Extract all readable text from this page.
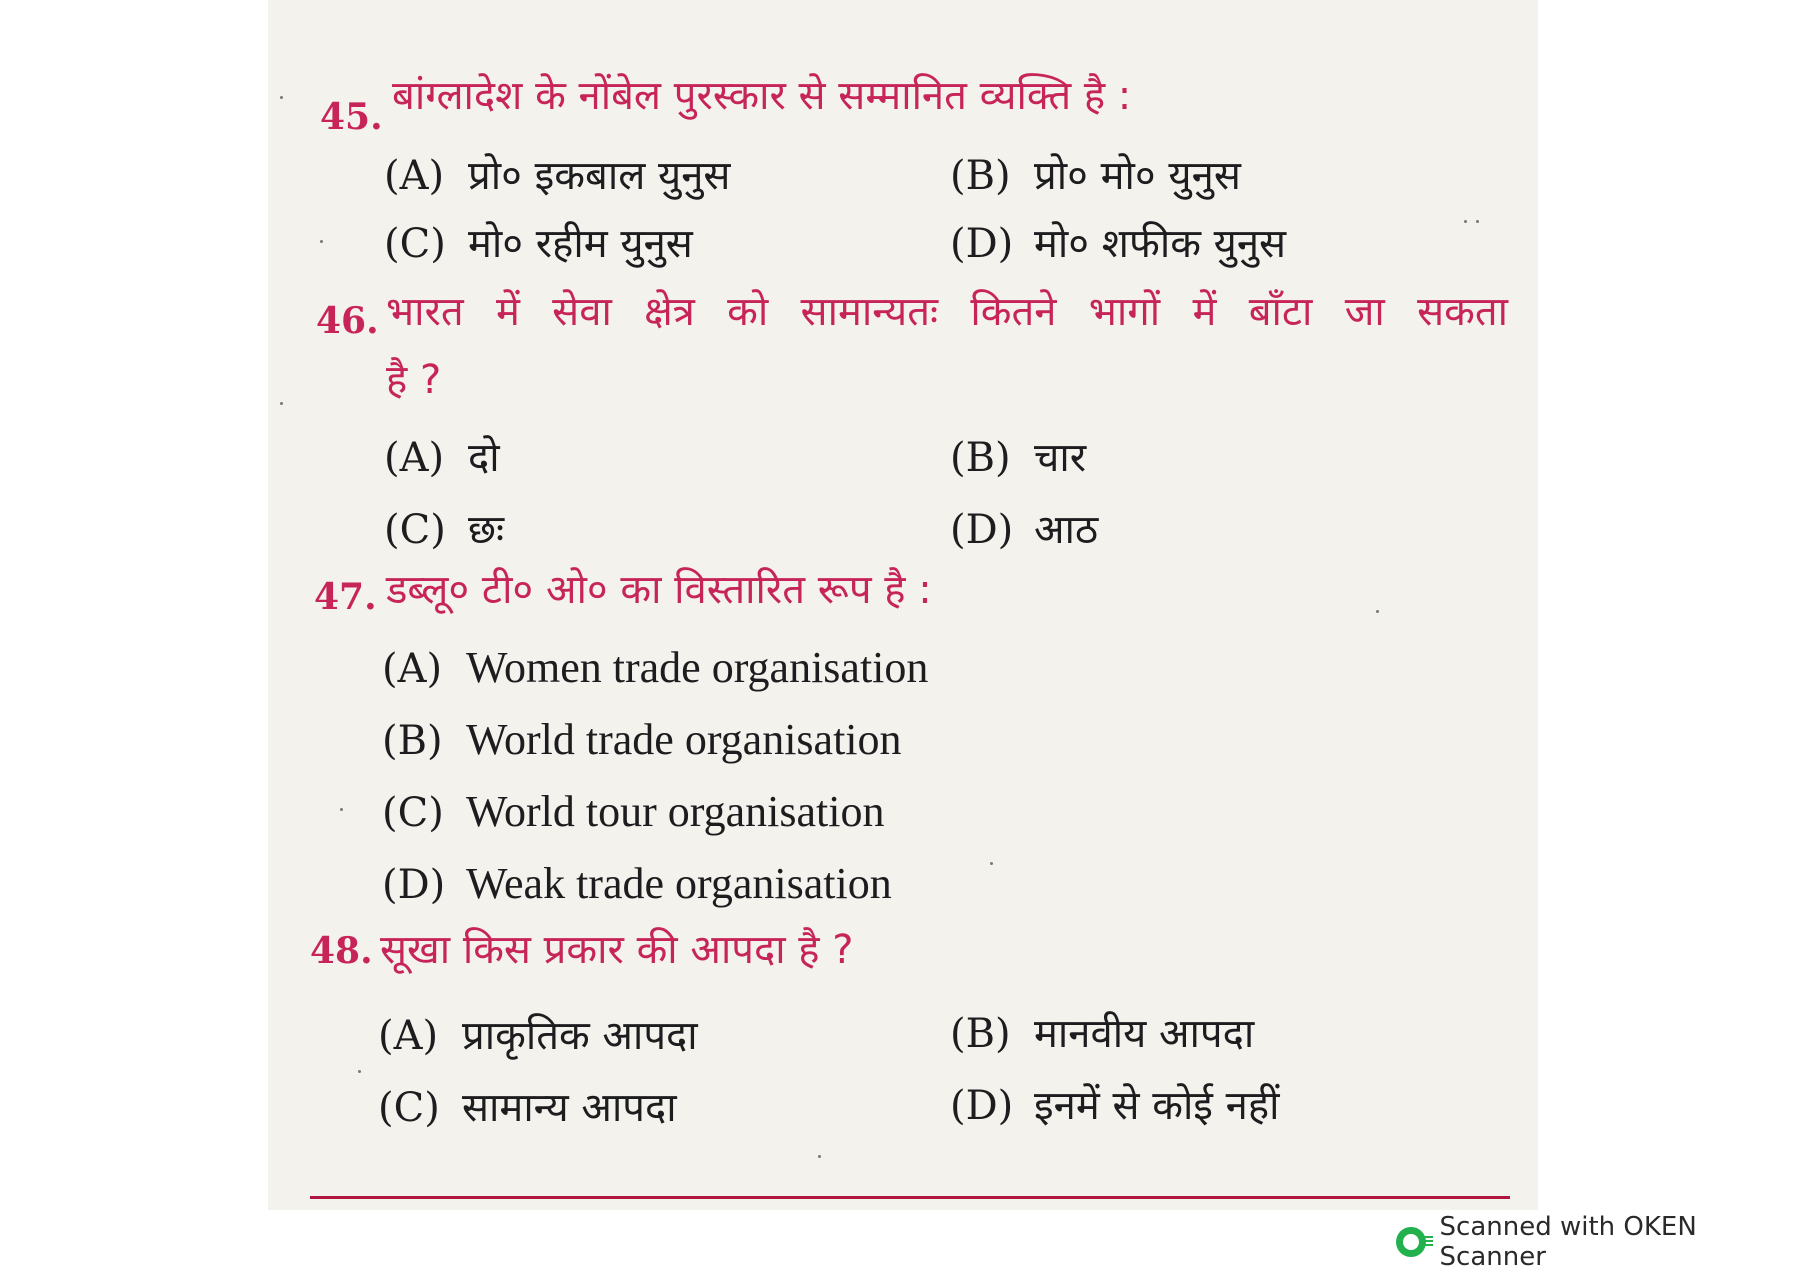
45. बांग्लादेश के नोंबेल पुरस्कार से सम्मानित व्यक्ति है :
(A) प्रो० इकबाल युनुस	(B) प्रो० मो० युनुस
(C) मो० रहीम युनुस	(D) मो० शफीक युनुस
46. भारत में सेवा क्षेत्र को सामान्यतः कितने भागों में बाँटा जा सकता
है ?
(A) दो	(B) चार
(C) छः	(D) आठ
47. डब्लू० टी० ओ० का विस्तारित रूप है :
(A) Women trade organisation
(B) World trade organisation
(C) World tour organisation
(D) Weak trade organisation
48. सूखा किस प्रकार की आपदा है ?
(A) प्राकृतिक आपदा	(B) मानवीय आपदा
(C) सामान्य आपदा	(D) इनमें से कोई नहीं
Scanned with OKEN Scanner
